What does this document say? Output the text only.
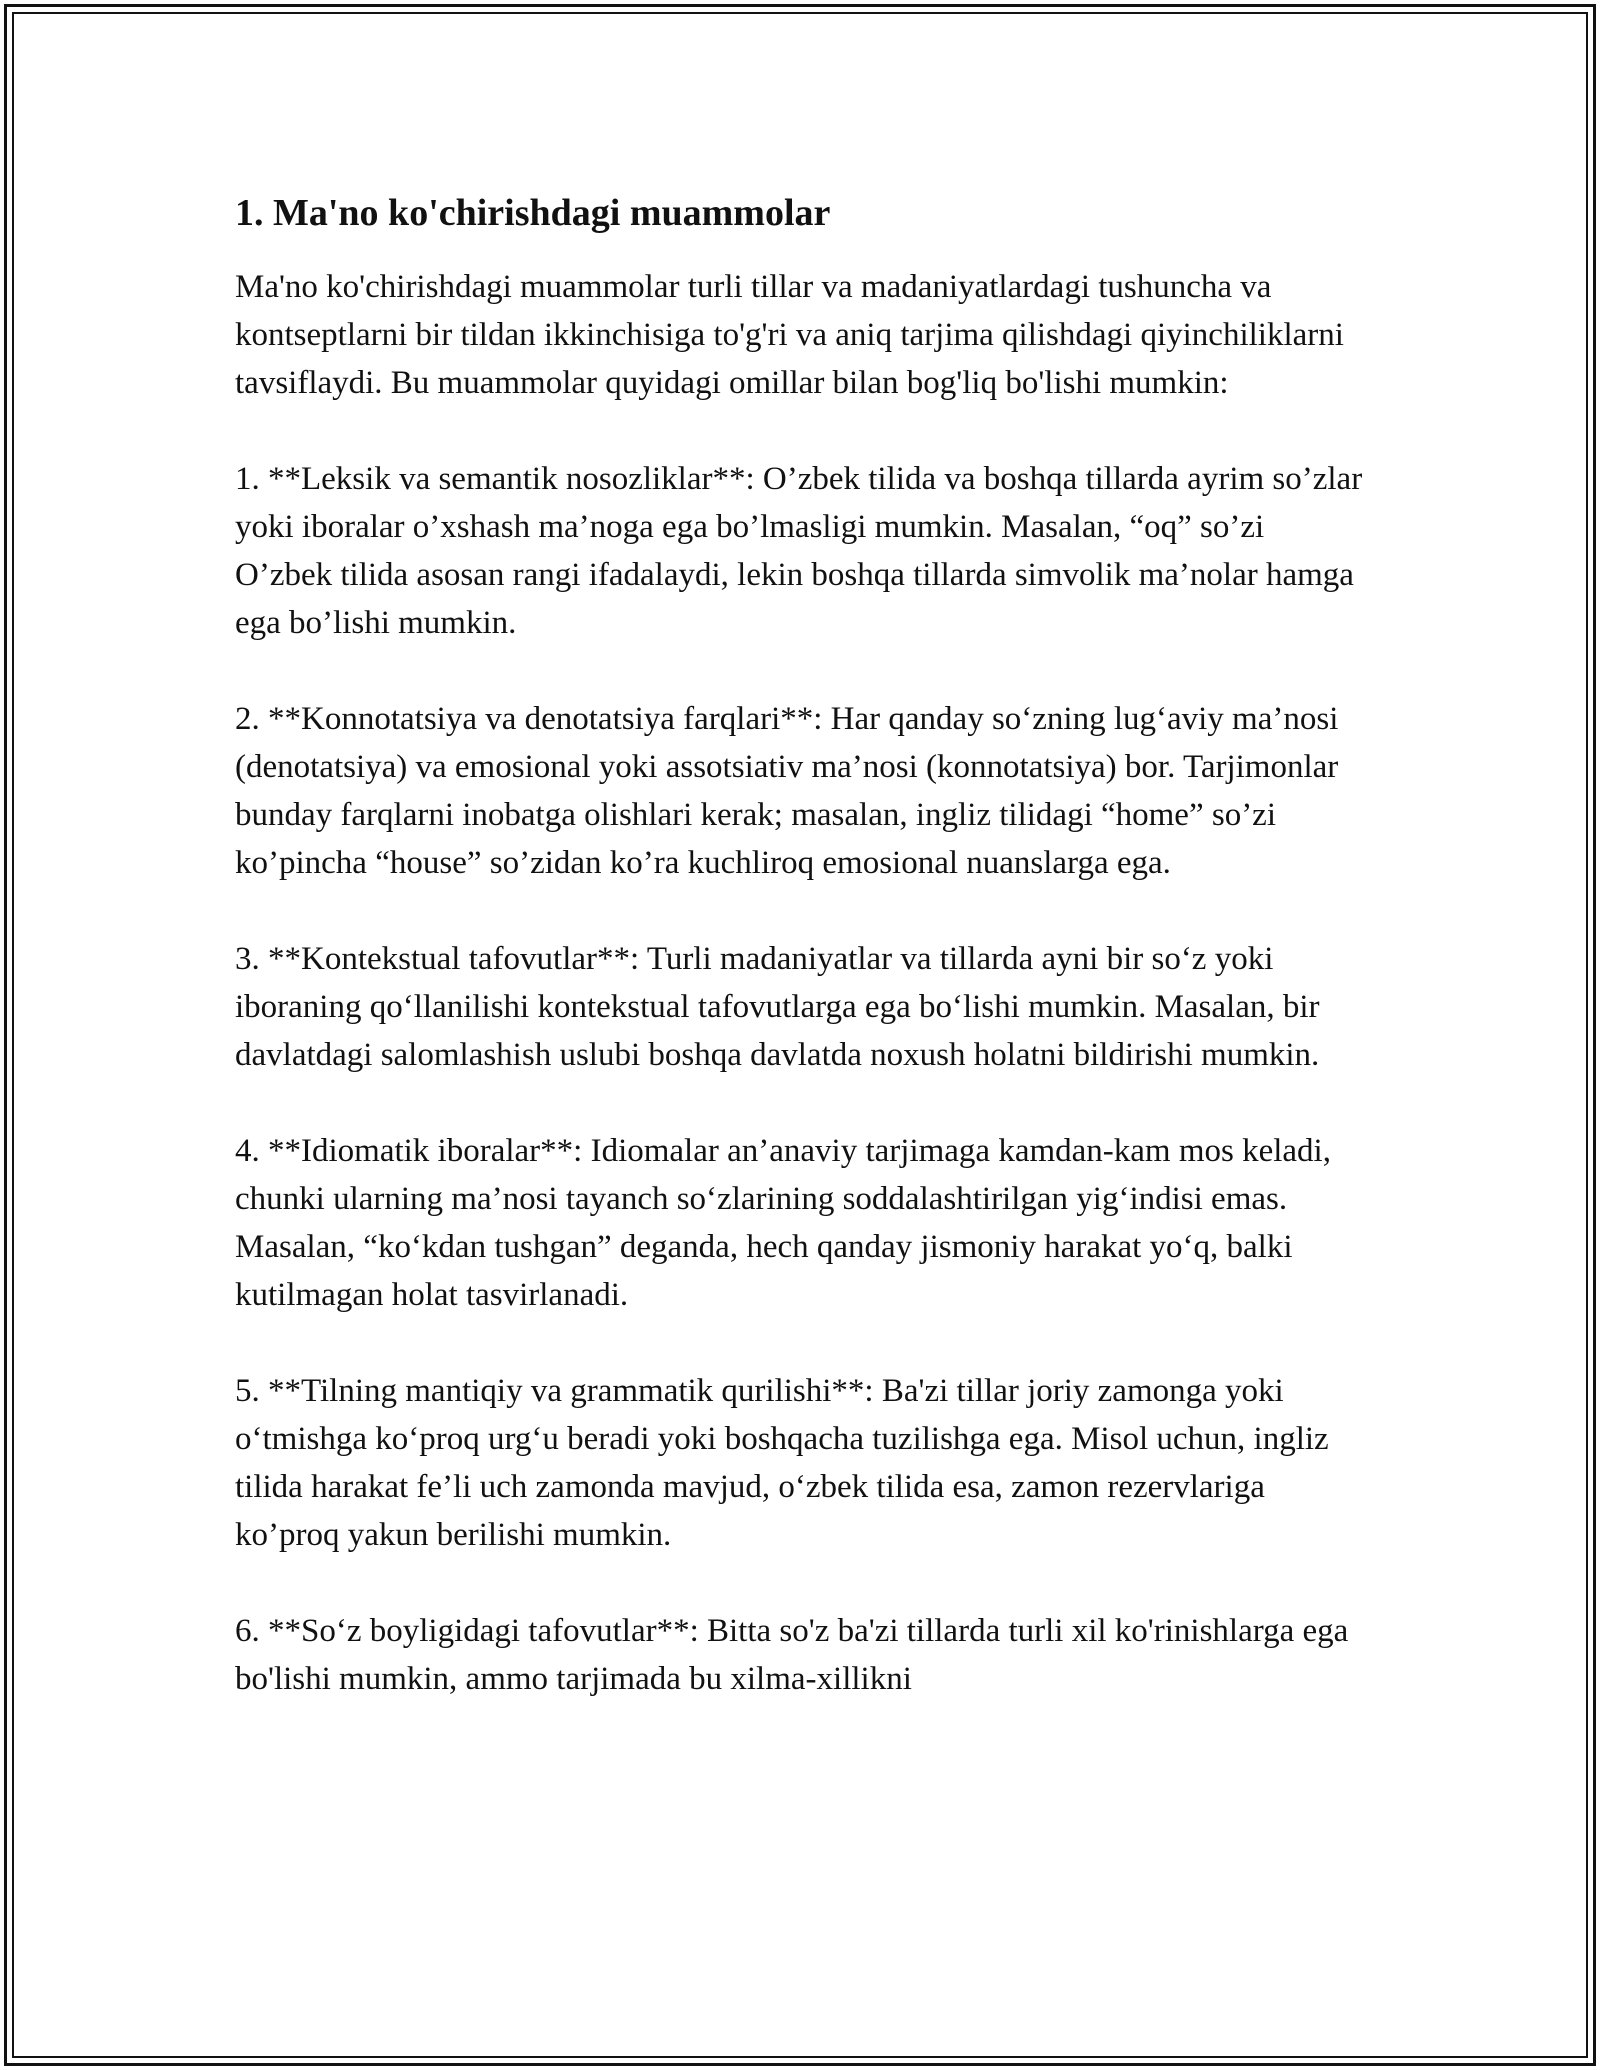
1. Ma'no ko'chirishdagi muammolar

Ma'no ko'chirishdagi muammolar turli tillar va madaniyatlardagi tushuncha va kontseptlarni bir tildan ikkinchisiga to'g'ri va aniq tarjima qilishdagi qiyinchiliklarni tavsiflaydi. Bu muammolar quyidagi omillar bilan bog'liq bo'lishi mumkin:

1. **Leksik va semantik nosozliklar**: O’zbek tilida va boshqa tillarda ayrim so’zlar yoki iboralar o’xshash ma’noga ega bo’lmasligi mumkin. Masalan, “oq” so’zi O’zbek tilida asosan rangi ifadalaydi, lekin boshqa tillarda simvolik ma’nolar hamga ega bo’lishi mumkin.

2. **Konnotatsiya va denotatsiya farqlari**: Har qanday so‘zning lug‘aviy ma’nosi (denotatsiya) va emosional yoki assotsiativ ma’nosi (konnotatsiya) bor. Tarjimonlar bunday farqlarni inobatga olishlari kerak; masalan, ingliz tilidagi “home” so’zi ko’pincha “house” so’zidan ko’ra kuchliroq emosional nuanslarga ega.

3. **Kontekstual tafovutlar**: Turli madaniyatlar va tillarda ayni bir so‘z yoki iboraning qo‘llanilishi kontekstual tafovutlarga ega bo‘lishi mumkin. Masalan, bir davlatdagi salomlashish uslubi boshqa davlatda noxush holatni bildirishi mumkin.

4. **Idiomatik iboralar**: Idiomalar an’anaviy tarjimaga kamdan-kam mos keladi, chunki ularning ma’nosi tayanch so‘zlarining soddalashtirilgan yig‘indisi emas. Masalan, “ko‘kdan tushgan” deganda, hech qanday jismoniy harakat yo‘q, balki kutilmagan holat tasvirlanadi.

5. **Tilning mantiqiy va grammatik qurilishi**: Ba'zi tillar joriy zamonga yoki o‘tmishga ko‘proq urg‘u beradi yoki boshqacha tuzilishga ega. Misol uchun, ingliz tilida harakat fe’li uch zamonda mavjud, o‘zbek tilida esa, zamon rezervlariga ko’proq yakun berilishi mumkin.

6. **So‘z boyligidagi tafovutlar**: Bitta so'z ba'zi tillarda turli xil ko'rinishlarga ega bo'lishi mumkin, ammo tarjimada bu xilma-xillikni
